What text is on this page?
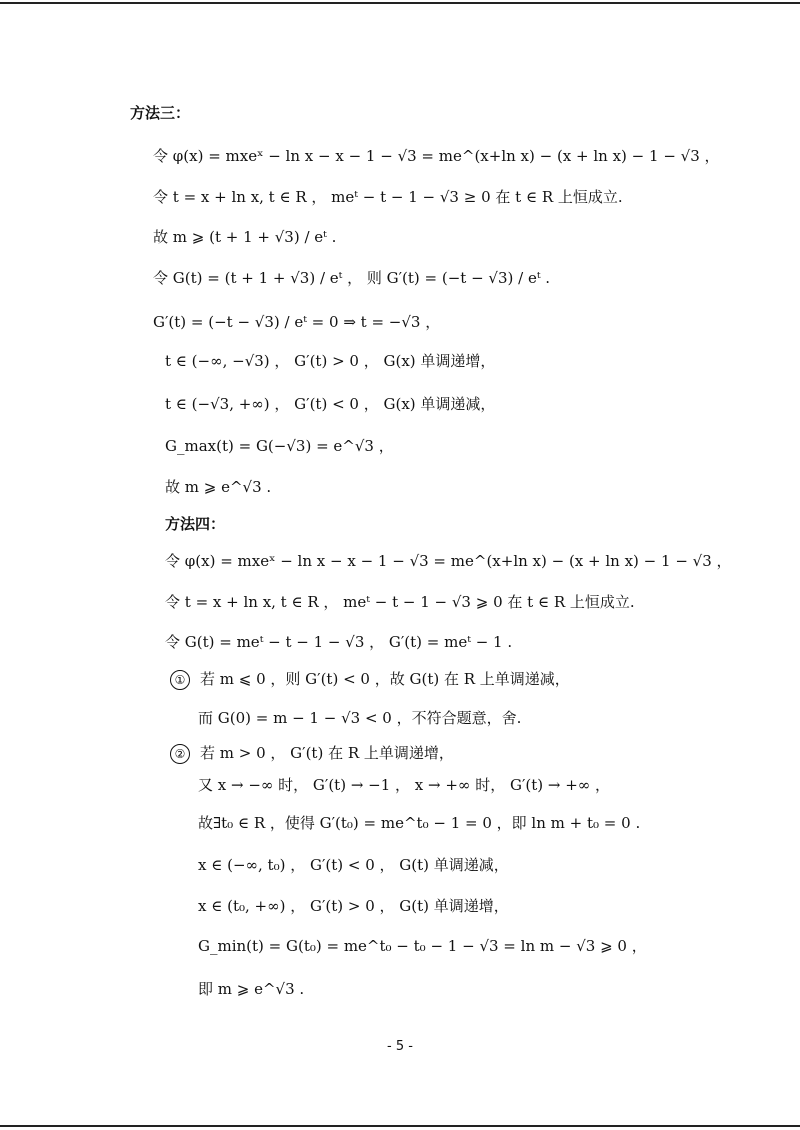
方法三：
令 φ(x) = mxeˣ − ln x − x − 1 − √3 = me^(x+ln x) − (x + ln x) − 1 − √3 ，
令 t = x + ln x, t ∈ R ， meᵗ − t − 1 − √3 ≥ 0 在 t ∈ R 上恒成立.
故 m ⩾ (t + 1 + √3) / eᵗ .
令 G(t) = (t + 1 + √3) / eᵗ ， 则 G′(t) = (−t − √3) / eᵗ .
G′(t) = (−t − √3) / eᵗ = 0 ⇒ t = −√3 ，
t ∈ (−∞, −√3) ， G′(t) > 0 ， G(x) 单调递增，
t ∈ (−√3, +∞) ， G′(t) < 0 ， G(x) 单调递减，
G_max(t) = G(−√3) = e^√3 ，
故 m ⩾ e^√3 .
方法四：
令 φ(x) = mxeˣ − ln x − x − 1 − √3 = me^(x+ln x) − (x + ln x) − 1 − √3 ，
令 t = x + ln x, t ∈ R ， meᵗ − t − 1 − √3 ⩾ 0 在 t ∈ R 上恒成立.
令 G(t) = meᵗ − t − 1 − √3 ， G′(t) = meᵗ − 1 .
① 若 m ⩽ 0 ，则 G′(t) < 0 ，故 G(t) 在 R 上单调递减，
而 G(0) = m − 1 − √3 < 0 ，不符合题意，舍.
② 若 m > 0 ， G′(t) 在 R 上单调递增，
又 x → −∞ 时， G′(t) → −1 ， x → +∞ 时， G′(t) → +∞ ，
故∃t₀ ∈ R ，使得 G′(t₀) = me^t₀ − 1 = 0 ，即 ln m + t₀ = 0 .
x ∈ (−∞, t₀) ， G′(t) < 0 ， G(t) 单调递减，
x ∈ (t₀, +∞) ， G′(t) > 0 ， G(t) 单调递增，
G_min(t) = G(t₀) = me^t₀ − t₀ − 1 − √3 = ln m − √3 ⩾ 0 ，
即 m ⩾ e^√3 .
- 5 -
